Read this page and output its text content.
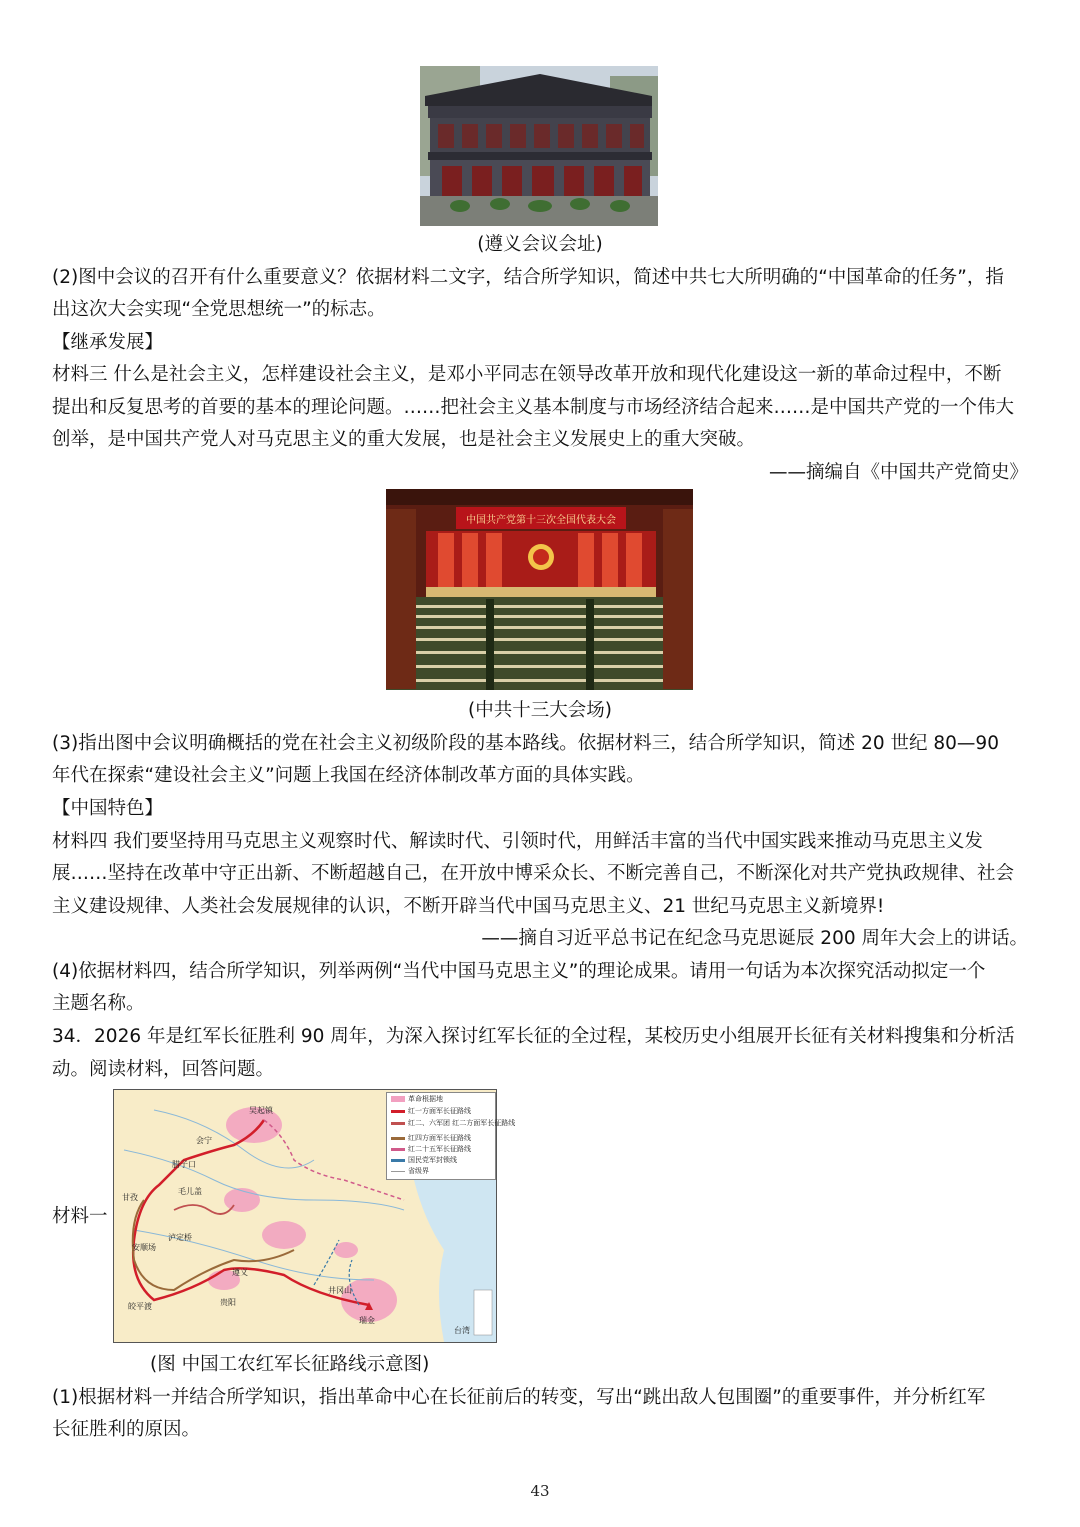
(遵义会议会址)
(2)图中会议的召开有什么重要意义？依据材料二文字，结合所学知识，简述中共七大所明确的“中国革命的任务”，指
出这次大会实现“全党思想统一”的标志。
【继承发展】
材料三 什么是社会主义，怎样建设社会主义，是邓小平同志在领导改革开放和现代化建设这一新的革命过程中，不断
提出和反复思考的首要的基本的理论问题。……把社会主义基本制度与市场经济结合起来……是中国共产党的一个伟大
创举，是中国共产党人对马克思主义的重大发展，也是社会主义发展史上的重大突破。
——摘编自《中国共产党简史》
中国共产党第十三次全国代表大会
(中共十三大会场)
(3)指出图中会议明确概括的党在社会主义初级阶段的基本路线。依据材料三，结合所学知识，简述 20 世纪 80—90
年代在探索“建设社会主义”问题上我国在经济体制改革方面的具体实践。
【中国特色】
材料四 我们要坚持用马克思主义观察时代、解读时代、引领时代，用鲜活丰富的当代中国实践来推动马克思主义发
展……坚持在改革中守正出新、不断超越自己，在开放中博采众长、不断完善自己，不断深化对共产党执政规律、社会
主义建设规律、人类社会发展规律的认识，不断开辟当代中国马克思主义、21 世纪马克思主义新境界!
——摘自习近平总书记在纪念马克思诞辰 200 周年大会上的讲话。
(4)依据材料四，结合所学知识，列举两例“当代中国马克思主义”的理论成果。请用一句话为本次探究活动拟定一个
主题名称。
34．2026 年是红军长征胜利 90 周年，为深入探讨红军长征的全过程，某校历史小组展开长征有关材料搜集和分析活
动。阅读材料，回答问题。
材料一
革命根据地
红一方面军长征路线
红二、六军团 红二方面军长征路线
红四方面军长征路线
红二十五军长征路线
国民党军封锁线
省级界
吴起镇
会宁
腊子口
毛儿盖
甘孜
泸定桥
安顺场
遵义
贵阳
皎平渡
井冈山
瑞金
台湾
(图 中国工农红军长征路线示意图)
(1)根据材料一并结合所学知识，指出革命中心在长征前后的转变，写出“跳出敌人包围圈”的重要事件，并分析红军
长征胜利的原因。
43
